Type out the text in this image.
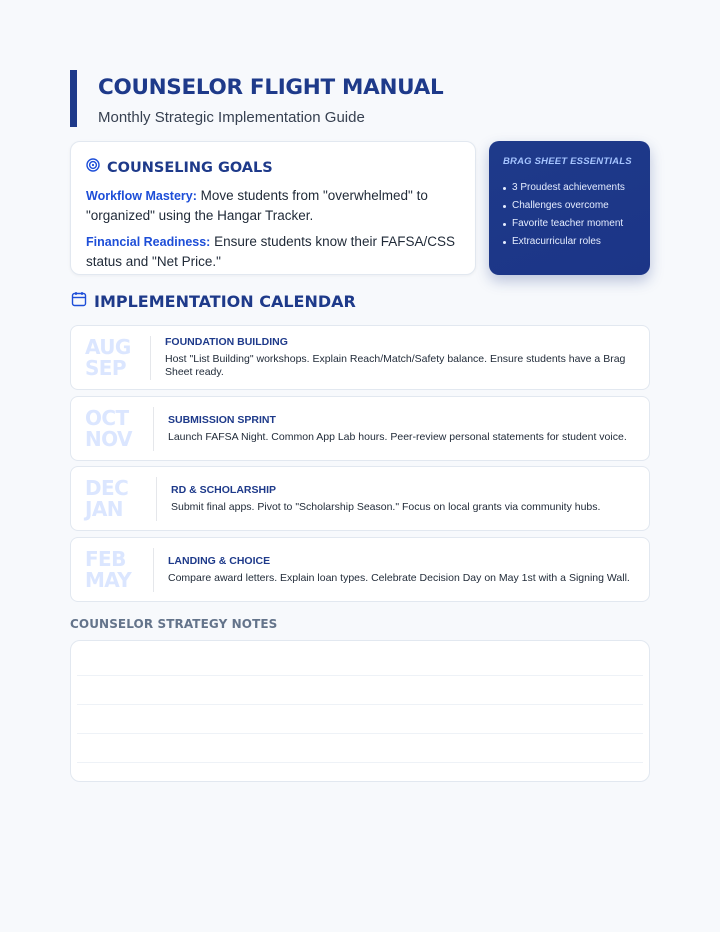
COUNSELOR FLIGHT MANUAL
Monthly Strategic Implementation Guide
COUNSELING GOALS

Workflow Mastery: Move students from "overwhelmed" to "organized" using the Hangar Tracker.

Financial Readiness: Ensure students know their FAFSA/CSS status and "Net Price."

BRAG SHEET ESSENTIALS
3 Proudest achievements
Challenges overcome
Favorite teacher moment
Extracurricular roles
IMPLEMENTATION CALENDAR
AUG
SEP
FOUNDATION BUILDING
Host "List Building" workshops. Explain Reach/Match/Safety balance. Ensure students have a Brag Sheet ready.
OCT
NOV
SUBMISSION SPRINT
Launch FAFSA Night. Common App Lab hours. Peer-review personal statements for student voice.
DEC
JAN
RD & SCHOLARSHIP
Submit final apps. Pivot to "Scholarship Season." Focus on local grants via community hubs.
FEB
MAY
LANDING & CHOICE
Compare award letters. Explain loan types. Celebrate Decision Day on May 1st with a Signing Wall.
COUNSELOR STRATEGY NOTES
